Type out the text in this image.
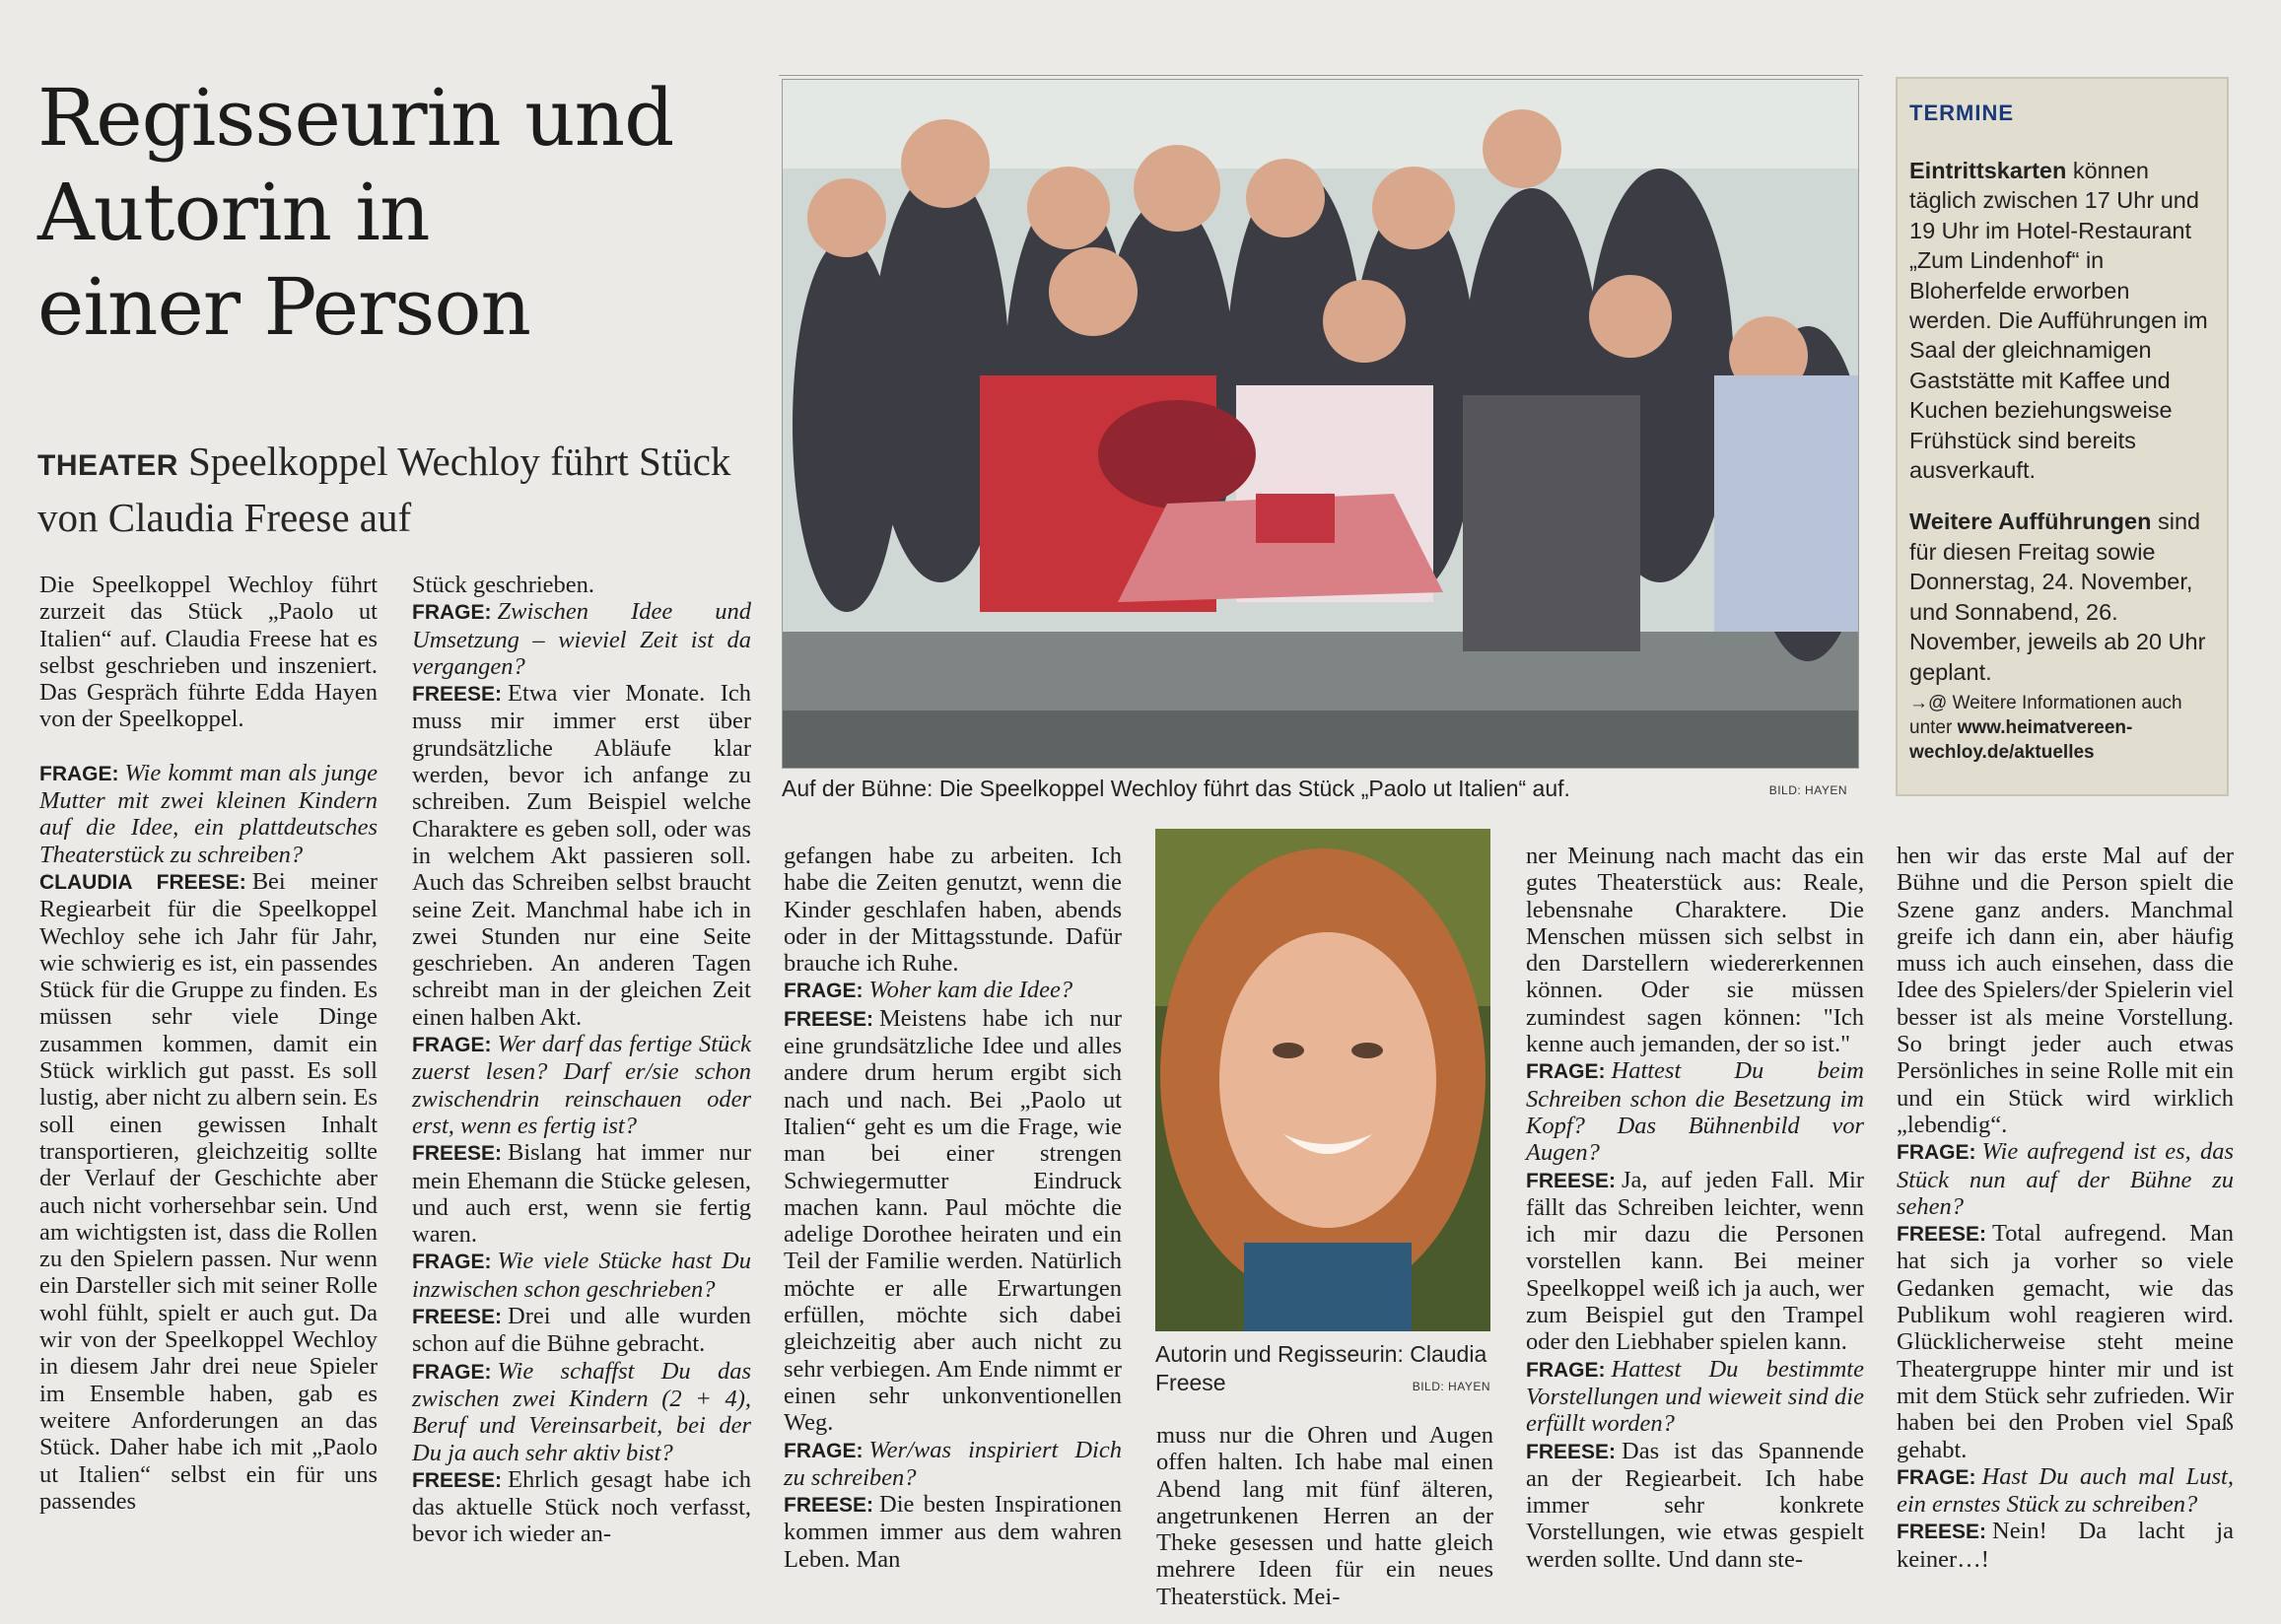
Regisseurin und
Autorin in
einer Person
THEATER Speelkoppel Wechloy führt Stück von Claudia Freese auf

Die Speelkoppel Wechloy führt zurzeit das Stück „Paolo ut Italien“ auf. Claudia Freese hat es selbst geschrieben und inszeniert. Das Gespräch führte Edda Hayen von der Speelkoppel.

FRAGE: Wie kommt man als junge Mutter mit zwei kleinen Kindern auf die Idee, ein plattdeutsches Theaterstück zu schreiben?

CLAUDIA FREESE: Bei meiner Regiearbeit für die Speelkoppel Wechloy sehe ich Jahr für Jahr, wie schwierig es ist, ein passendes Stück für die Gruppe zu finden. Es müssen sehr viele Dinge zusammen kommen, damit ein Stück wirklich gut passt. Es soll lustig, aber nicht zu albern sein. Es soll einen gewissen Inhalt transportieren, gleichzeitig sollte der Verlauf der Geschichte aber auch nicht vorhersehbar sein. Und am wichtigsten ist, dass die Rollen zu den Spielern passen. Nur wenn ein Darsteller sich mit seiner Rolle wohl fühlt, spielt er auch gut. Da wir von der Speelkoppel Wechloy in diesem Jahr drei neue Spieler im Ensemble haben, gab es weitere Anforderungen an das Stück. Daher habe ich mit „Paolo ut Italien“ selbst ein für uns passendes

Stück geschrieben.

FRAGE: Zwischen Idee und Umsetzung – wieviel Zeit ist da vergangen?

FREESE: Etwa vier Monate. Ich muss mir immer erst über grundsätzliche Abläufe klar werden, bevor ich anfange zu schreiben. Zum Beispiel welche Charaktere es geben soll, oder was in welchem Akt passieren soll. Auch das Schreiben selbst braucht seine Zeit. Manchmal habe ich in zwei Stunden nur eine Seite geschrieben. An anderen Tagen schreibt man in der gleichen Zeit einen halben Akt.

FRAGE: Wer darf das fertige Stück zuerst lesen? Darf er/sie schon zwischendrin reinschauen oder erst, wenn es fertig ist?

FREESE: Bislang hat immer nur mein Ehemann die Stücke gelesen, und auch erst, wenn sie fertig waren.

FRAGE: Wie viele Stücke hast Du inzwischen schon geschrieben?

FREESE: Drei und alle wurden schon auf die Bühne gebracht.

FRAGE: Wie schaffst Du das zwischen zwei Kindern (2 + 4), Beruf und Vereinsarbeit, bei der Du ja auch sehr aktiv bist?

FREESE: Ehrlich gesagt habe ich das aktuelle Stück noch verfasst, bevor ich wieder an-

Auf der Bühne: Die Speelkoppel Wechloy führt das Stück „Paolo ut Italien“ auf.	BILD: HAYEN

gefangen habe zu arbeiten. Ich habe die Zeiten genutzt, wenn die Kinder geschlafen haben, abends oder in der Mittagsstunde. Dafür brauche ich Ruhe.

FRAGE: Woher kam die Idee?

FREESE: Meistens habe ich nur eine grundsätzliche Idee und alles andere drum herum ergibt sich nach und nach. Bei „Paolo ut Italien“ geht es um die Frage, wie man bei einer strengen Schwiegermutter Eindruck machen kann. Paul möchte die adelige Dorothee heiraten und ein Teil der Familie werden. Natürlich möchte er alle Erwartungen erfüllen, möchte sich dabei gleichzeitig aber auch nicht zu sehr verbiegen. Am Ende nimmt er einen sehr unkonventionellen Weg.

FRAGE: Wer/was inspiriert Dich zu schreiben?

FREESE: Die besten Inspirationen kommen immer aus dem wahren Leben. Man

Autorin und Regisseurin: Claudia Freese	BILD: HAYEN

muss nur die Ohren und Augen offen halten. Ich habe mal einen Abend lang mit fünf älteren, angetrunkenen Herren an der Theke gesessen und hatte gleich mehrere Ideen für ein neues Theaterstück. Mei-

ner Meinung nach macht das ein gutes Theaterstück aus: Reale, lebensnahe Charaktere. Die Menschen müssen sich selbst in den Darstellern wiedererkennen können. Oder sie müssen zumindest sagen können: "Ich kenne auch jemanden, der so ist."

FRAGE: Hattest Du beim Schreiben schon die Besetzung im Kopf? Das Bühnenbild vor Augen?

FREESE: Ja, auf jeden Fall. Mir fällt das Schreiben leichter, wenn ich mir dazu die Personen vorstellen kann. Bei meiner Speelkoppel weiß ich ja auch, wer zum Beispiel gut den Trampel oder den Liebhaber spielen kann.

FRAGE: Hattest Du bestimmte Vorstellungen und wieweit sind die erfüllt worden?

FREESE: Das ist das Spannende an der Regiearbeit. Ich habe immer sehr konkrete Vorstellungen, wie etwas gespielt werden sollte. Und dann ste-

hen wir das erste Mal auf der Bühne und die Person spielt die Szene ganz anders. Manchmal greife ich dann ein, aber häufig muss ich auch einsehen, dass die Idee des Spielers/der Spielerin viel besser ist als meine Vorstellung. So bringt jeder auch etwas Persönliches in seine Rolle mit ein und ein Stück wird wirklich „lebendig“.

FRAGE: Wie aufregend ist es, das Stück nun auf der Bühne zu sehen?

FREESE: Total aufregend. Man hat sich ja vorher so viele Gedanken gemacht, wie das Publikum wohl reagieren wird. Glücklicherweise steht meine Theatergruppe hinter mir und ist mit dem Stück sehr zufrieden. Wir haben bei den Proben viel Spaß gehabt.

FRAGE: Hast Du auch mal Lust, ein ernstes Stück zu schreiben?

FREESE: Nein! Da lacht ja keiner…!

TERMINE

Eintrittskarten können täglich zwischen 17 Uhr und 19 Uhr im Hotel-Restaurant „Zum Lindenhof“ in Bloherfelde erworben werden. Die Aufführungen im Saal der gleichnamigen Gaststätte mit Kaffee und Kuchen beziehungsweise Frühstück sind bereits ausverkauft.

Weitere Aufführungen sind für diesen Freitag sowie Donnerstag, 24. November, und Sonnabend, 26. November, jeweils ab 20 Uhr geplant.

→@ Weitere Informationen auch unter www.heimatvereen-wechloy.de/aktuelles
